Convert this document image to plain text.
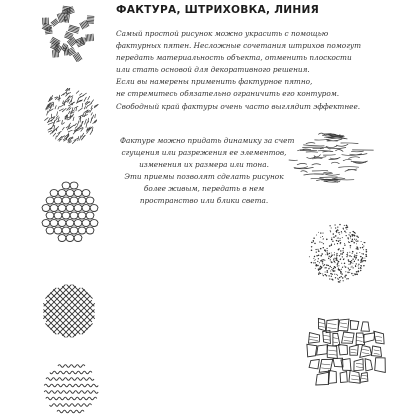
ФАКТУРА, ШТРИХОВКА, ЛИНИЯ
Самый простой рисунок можно украсить с помощью
фактурных пятен. Несложные сочетания штрихов помогут
передать материальность объекта, отменить плоскости
или стать основой для декоративного решения.
Если вы намерены применить фактурное пятно,
не стремитесь обязательно ограничить его контуром.
Свободный край фактуры очень часто выглядит эффектнее.
Фактуре можно придать динамику за счет
сгущения или разрежения ее элементов,
изменения их размера или тона.
Эти приемы позволят сделать рисунок
более живым, передать в нем
пространство или блики света.
